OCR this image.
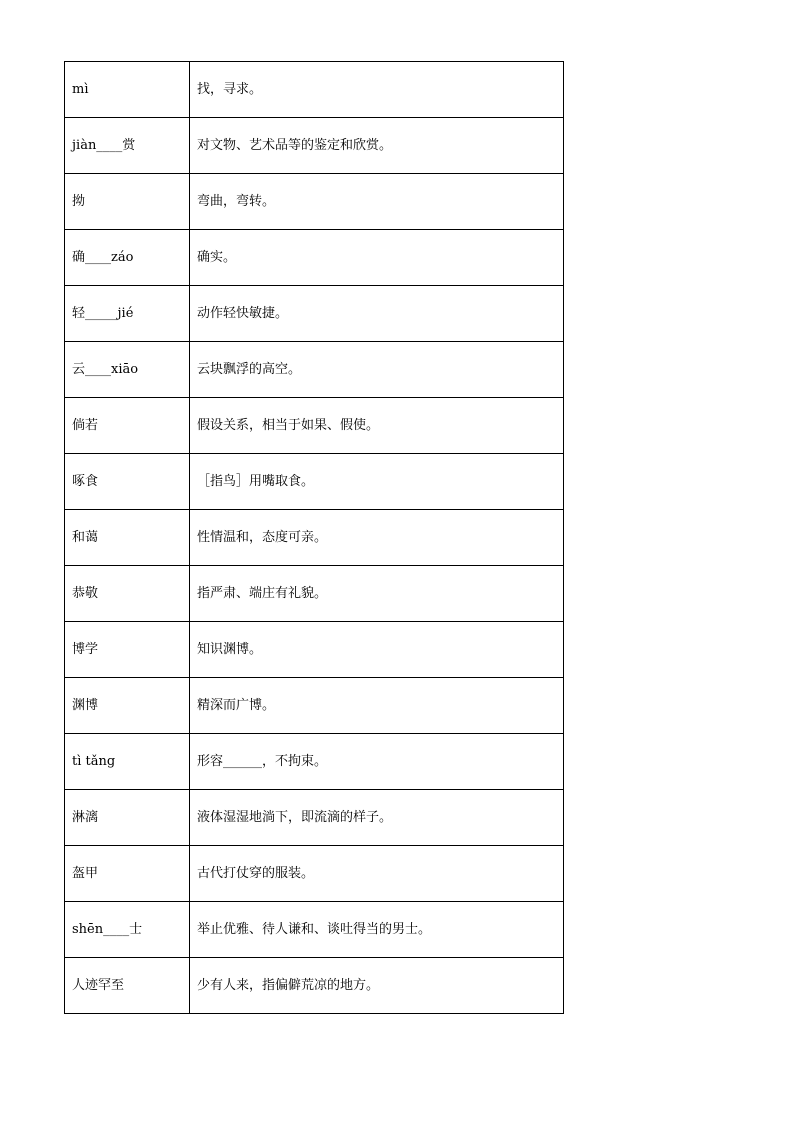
mì	找，寻求。
jiàn____赏	对文物、艺术品等的鉴定和欣赏。
拗	弯曲，弯转。
确____záo	确实。
轻_____jié	动作轻快敏捷。
云____xiāo	云块飘浮的高空。
倘若	假设关系，相当于如果、假使。
啄食	［指鸟］用嘴取食。
和蔼	性情温和，态度可亲。
恭敬	指严肃、端庄有礼貌。
博学	知识渊博。
渊博	精深而广博。
tì tǎng	形容______，不拘束。
淋漓	液体湿湿地淌下，即流滴的样子。
盔甲	古代打仗穿的服装。
shēn____士	举止优雅、待人谦和、谈吐得当的男士。
人迹罕至	少有人来，指偏僻荒凉的地方。
